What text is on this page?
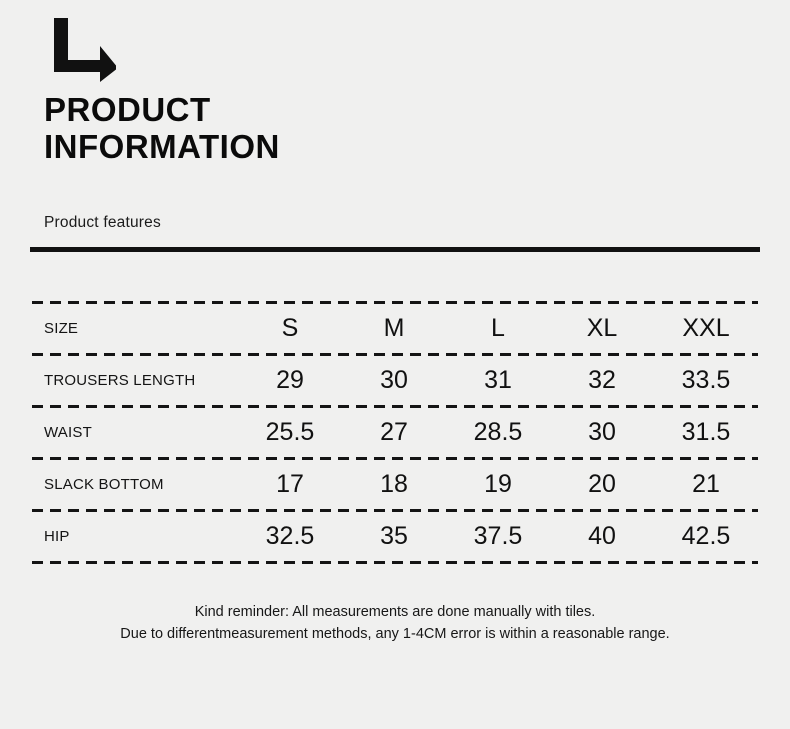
PRODUCT
INFORMATION
Product features

SIZE	S	M	L	XL	XXL

TROUSERS LENGTH	29	30	31	32	33.5

WAIST	25.5	27	28.5	30	31.5

SLACK BOTTOM	17	18	19	20	21

HIP	32.5	35	37.5	40	42.5

Kind reminder: All measurements are done manually with tiles.
Due to differentmeasurement methods, any 1-4CM error is within a reasonable range.
